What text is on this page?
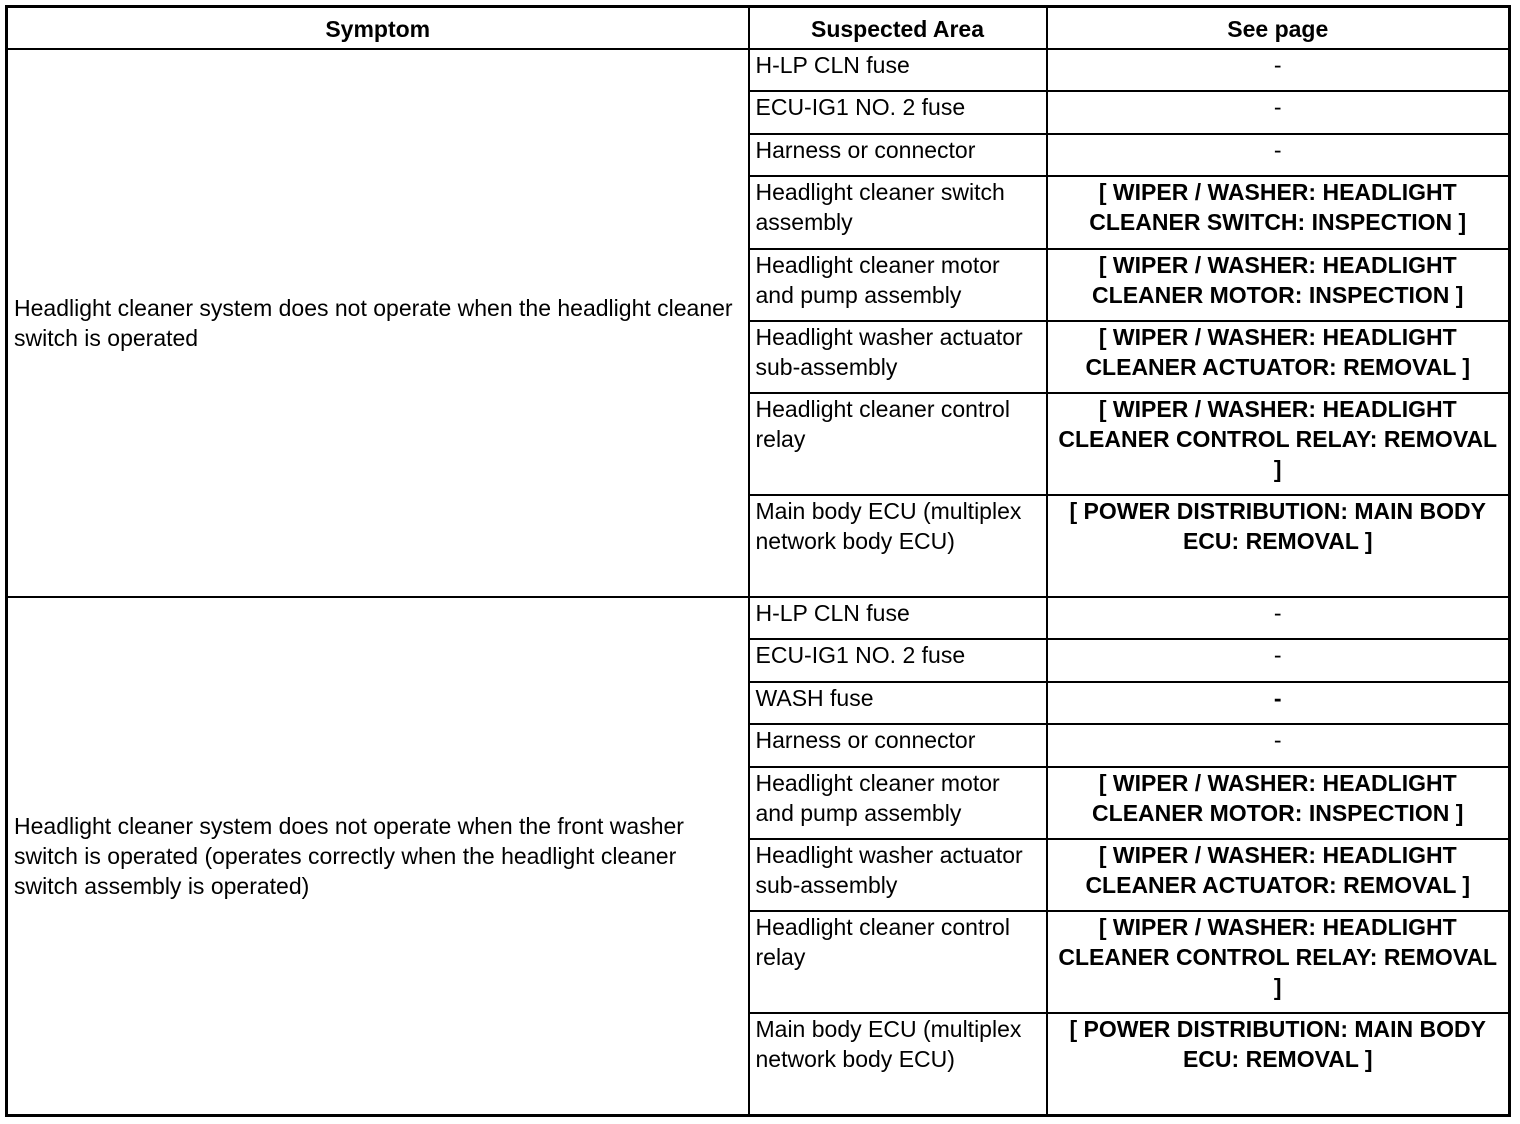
Symptom	Suspected Area	See page
Headlight cleaner system does not operate when the headlight cleaner switch is operated	H-LP CLN fuse	-
	ECU-IG1 NO. 2 fuse	-
	Harness or connector	-
	Headlight cleaner switch assembly	[ WIPER / WASHER: HEADLIGHT CLEANER SWITCH: INSPECTION ]
	Headlight cleaner motor and pump assembly	[ WIPER / WASHER: HEADLIGHT CLEANER MOTOR: INSPECTION ]
	Headlight washer actuator sub-assembly	[ WIPER / WASHER: HEADLIGHT CLEANER ACTUATOR: REMOVAL ]
	Headlight cleaner control relay	[ WIPER / WASHER: HEADLIGHT CLEANER CONTROL RELAY: REMOVAL ]
	Main body ECU (multiplex network body ECU)	[ POWER DISTRIBUTION: MAIN BODY ECU: REMOVAL ]
Headlight cleaner system does not operate when the front washer switch is operated (operates correctly when the headlight cleaner switch assembly is operated)	H-LP CLN fuse	-
	ECU-IG1 NO. 2 fuse	-
	WASH fuse	-
	Harness or connector	-
	Headlight cleaner motor and pump assembly	[ WIPER / WASHER: HEADLIGHT CLEANER MOTOR: INSPECTION ]
	Headlight washer actuator sub-assembly	[ WIPER / WASHER: HEADLIGHT CLEANER ACTUATOR: REMOVAL ]
	Headlight cleaner control relay	[ WIPER / WASHER: HEADLIGHT CLEANER CONTROL RELAY: REMOVAL ]
	Main body ECU (multiplex network body ECU)	[ POWER DISTRIBUTION: MAIN BODY ECU: REMOVAL ]
